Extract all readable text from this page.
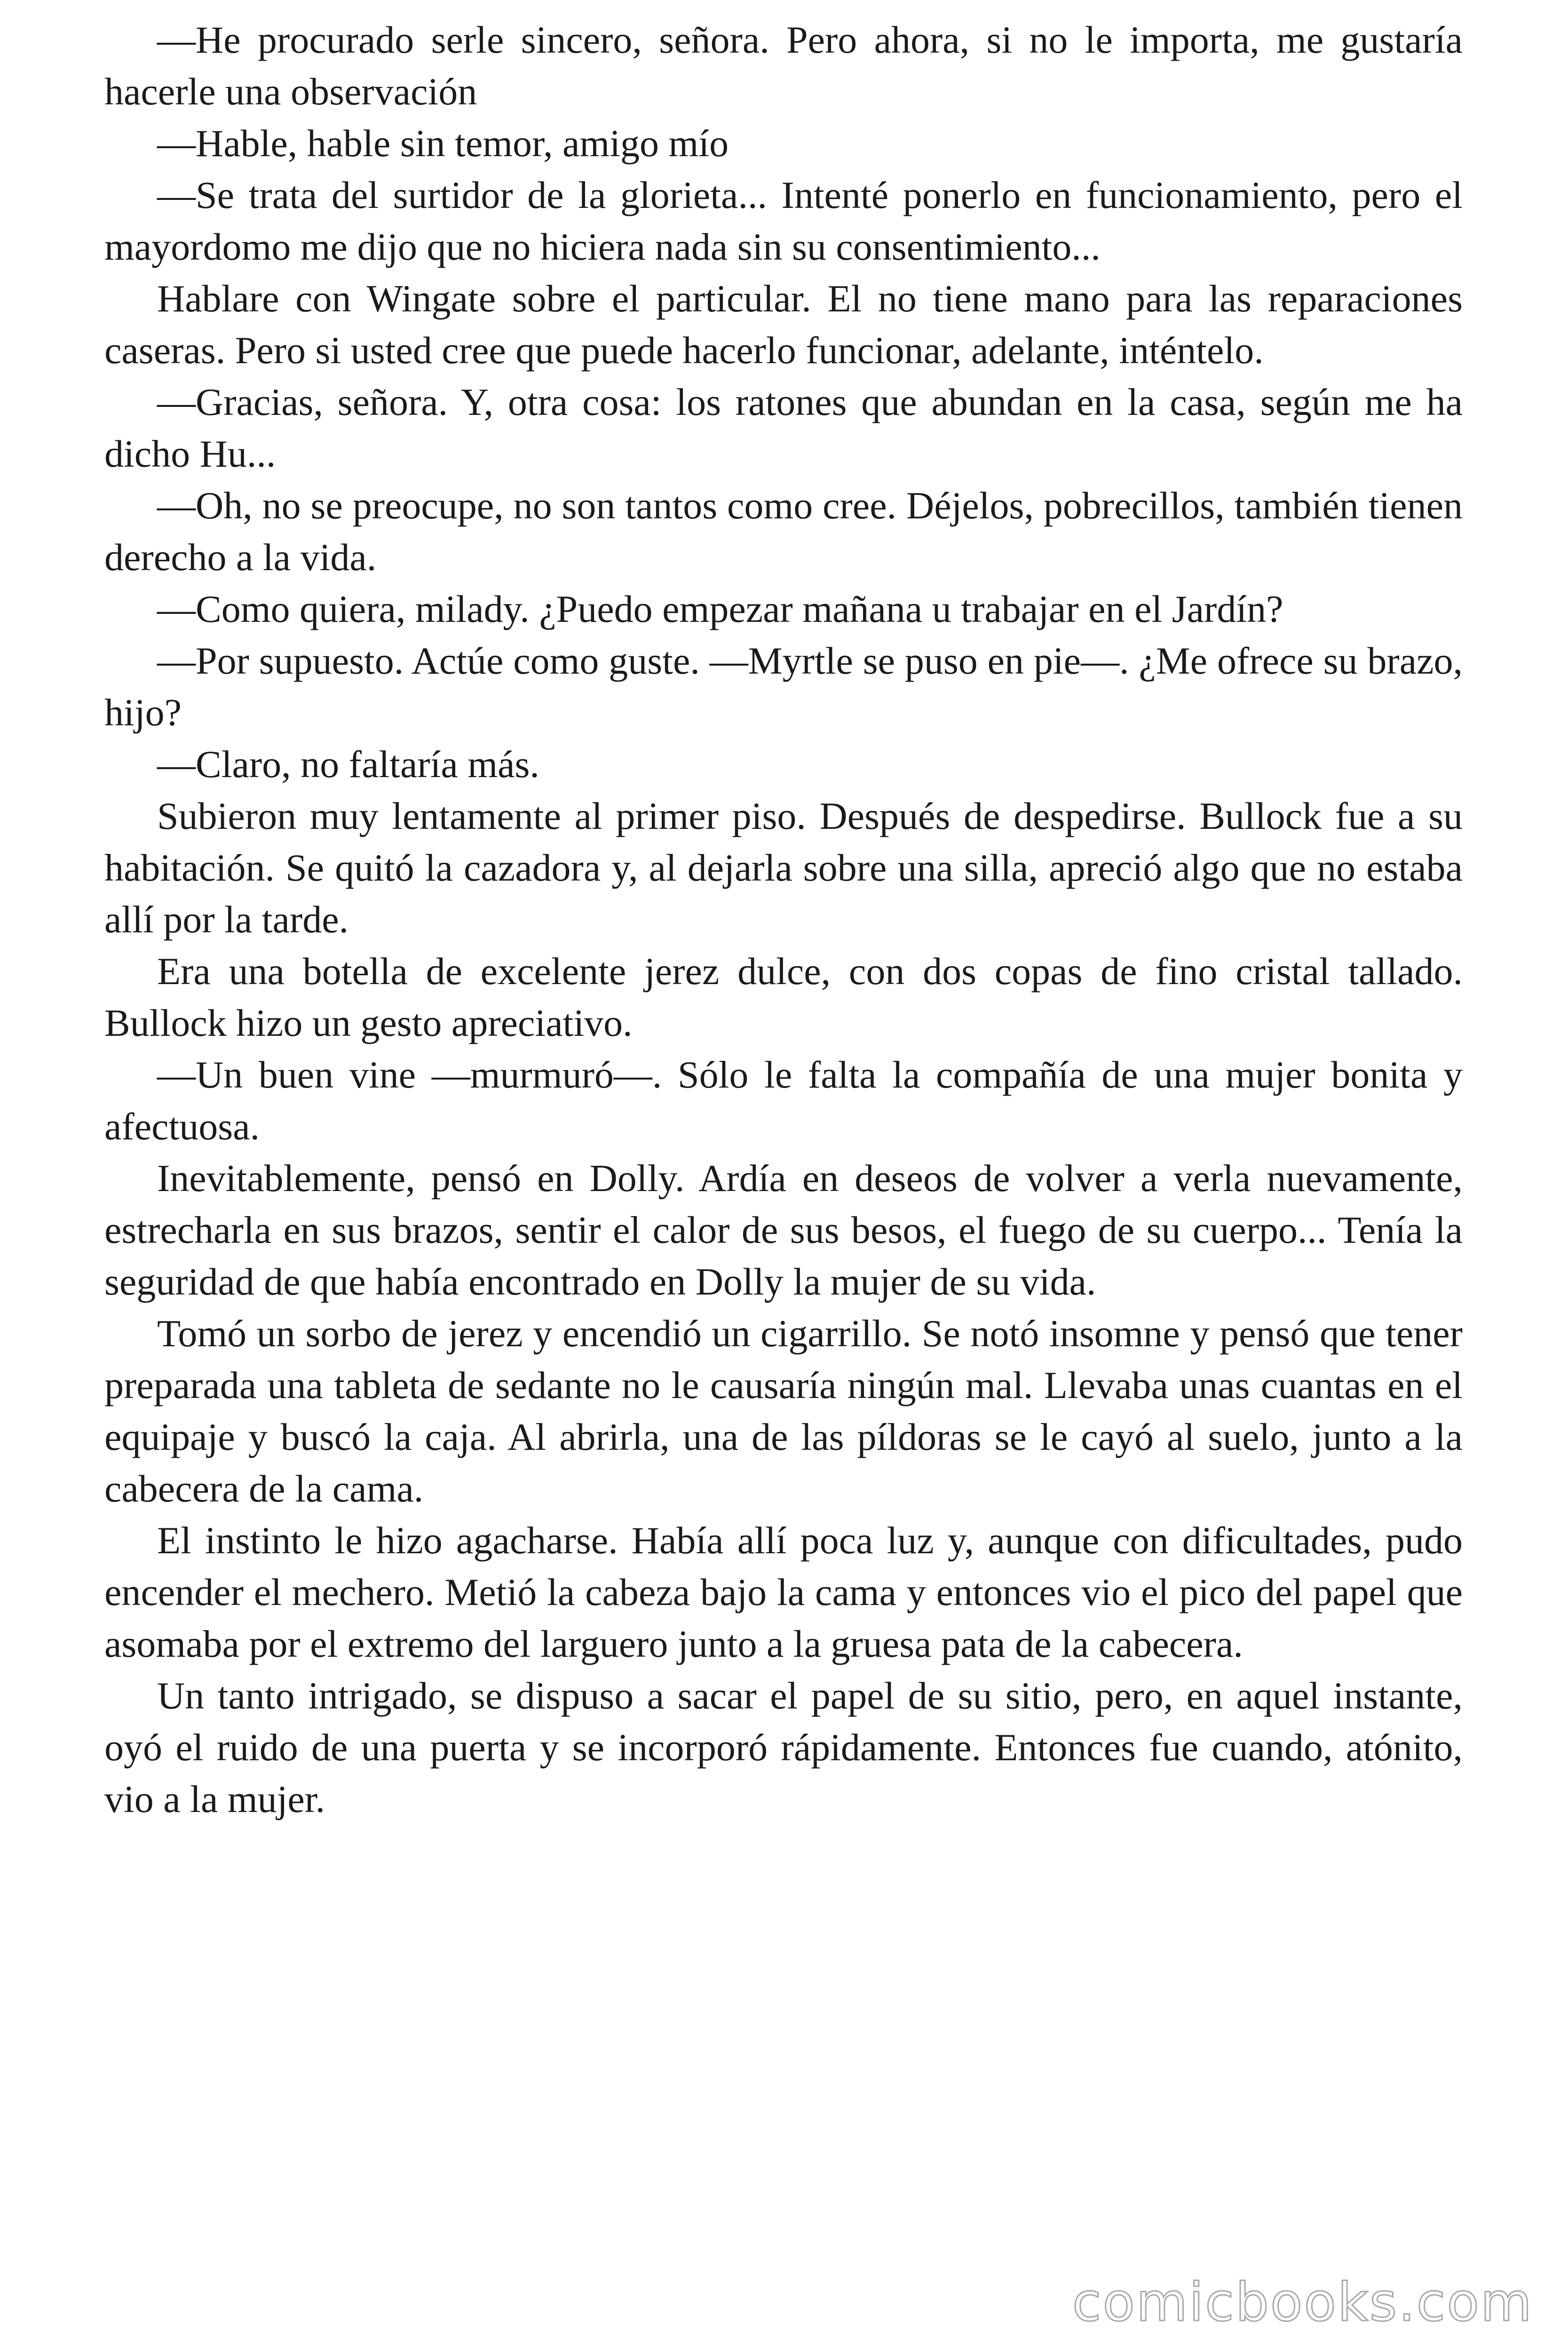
—He procurado serle sincero, señora. Pero ahora, si no le importa, me gustaría hacerle una observación

—Hable, hable sin temor, amigo mío

—Se trata del surtidor de la glorieta... Intenté ponerlo en funcionamiento, pero el mayordomo me dijo que no hiciera nada sin su consentimiento...

Hablare con Wingate sobre el particular. El no tiene mano para las reparaciones caseras. Pero si usted cree que puede hacerlo funcionar, adelante, inténtelo.

—Gracias, señora. Y, otra cosa: los ratones que abundan en la casa, según me ha dicho Hu...

—Oh, no se preocupe, no son tantos como cree. Déjelos, pobrecillos, también tienen derecho a la vida.

—Como quiera, milady. ¿Puedo empezar mañana u trabajar en el Jardín?

—Por supuesto. Actúe como guste. —Myrtle se puso en pie—. ¿Me ofrece su brazo, hijo?

—Claro, no faltaría más.

Subieron muy lentamente al primer piso. Después de despedirse. Bullock fue a su habitación. Se quitó la cazadora y, al dejarla sobre una silla, apreció algo que no estaba allí por la tarde.

Era una botella de excelente jerez dulce, con dos copas de fino cristal tallado. Bullock hizo un gesto apreciativo.

—Un buen vine —murmuró—. Sólo le falta la compañía de una mujer bonita y afectuosa.

Inevitablemente, pensó en Dolly. Ardía en deseos de volver a verla nuevamente, estrecharla en sus brazos, sentir el calor de sus besos, el fuego de su cuerpo... Tenía la seguridad de que había encontrado en Dolly la mujer de su vida.

Tomó un sorbo de jerez y encendió un cigarrillo. Se notó insomne y pensó que tener preparada una tableta de sedante no le causaría ningún mal. Llevaba unas cuantas en el equipaje y buscó la caja. Al abrirla, una de las píldoras se le cayó al suelo, junto a la cabecera de la cama.

El instinto le hizo agacharse. Había allí poca luz y, aunque con dificultades, pudo encender el mechero. Metió la cabeza bajo la cama y entonces vio el pico del papel que asomaba por el extremo del larguero junto a la gruesa pata de la cabecera.

Un tanto intrigado, se dispuso a sacar el papel de su sitio, pero, en aquel instante, oyó el ruido de una puerta y se incorporó rápidamente. Entonces fue cuando, atónito, vio a la mujer.

comicbooks.com
